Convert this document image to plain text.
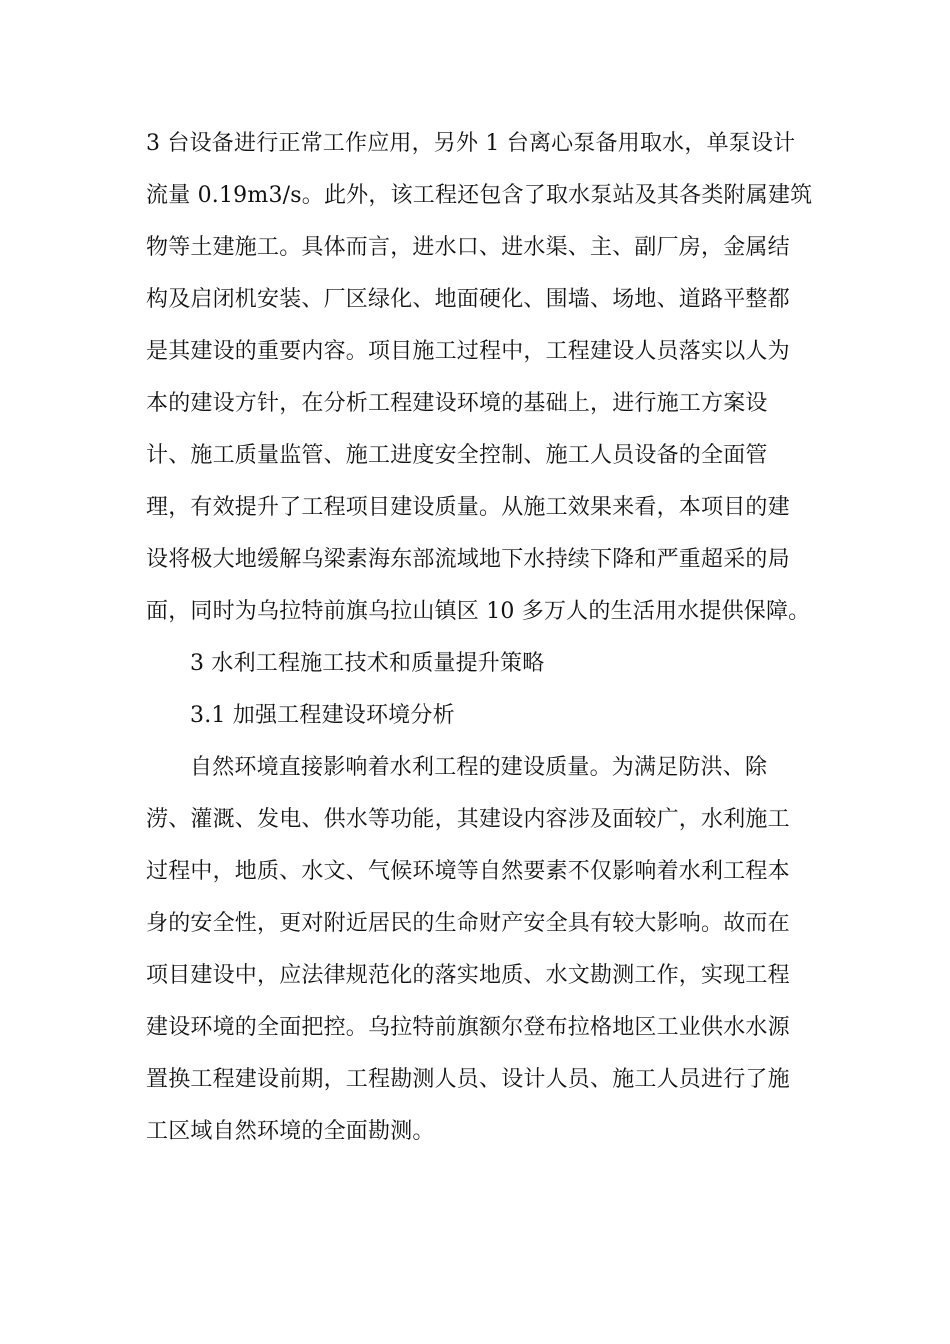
3 台设备进行正常工作应用，另外 1 台离心泵备用取水，单泵设计
流量 0.19m3/s。此外，该工程还包含了取水泵站及其各类附属建筑
物等土建施工。具体而言，进水口、进水渠、主、副厂房，金属结
构及启闭机安装、厂区绿化、地面硬化、围墙、场地、道路平整都
是其建设的重要内容。项目施工过程中，工程建设人员落实以人为
本的建设方针，在分析工程建设环境的基础上，进行施工方案设
计、施工质量监管、施工进度安全控制、施工人员设备的全面管
理，有效提升了工程项目建设质量。从施工效果来看，本项目的建
设将极大地缓解乌梁素海东部流域地下水持续下降和严重超采的局
面，同时为乌拉特前旗乌拉山镇区 10 多万人的生活用水提供保障。
3 水利工程施工技术和质量提升策略
3.1 加强工程建设环境分析
自然环境直接影响着水利工程的建设质量。为满足防洪、除
涝、灌溉、发电、供水等功能，其建设内容涉及面较广，水利施工
过程中，地质、水文、气候环境等自然要素不仅影响着水利工程本
身的安全性，更对附近居民的生命财产安全具有较大影响。故而在
项目建设中，应法律规范化的落实地质、水文勘测工作，实现工程
建设环境的全面把控。乌拉特前旗额尔登布拉格地区工业供水水源
置换工程建设前期，工程勘测人员、设计人员、施工人员进行了施
工区域自然环境的全面勘测。
